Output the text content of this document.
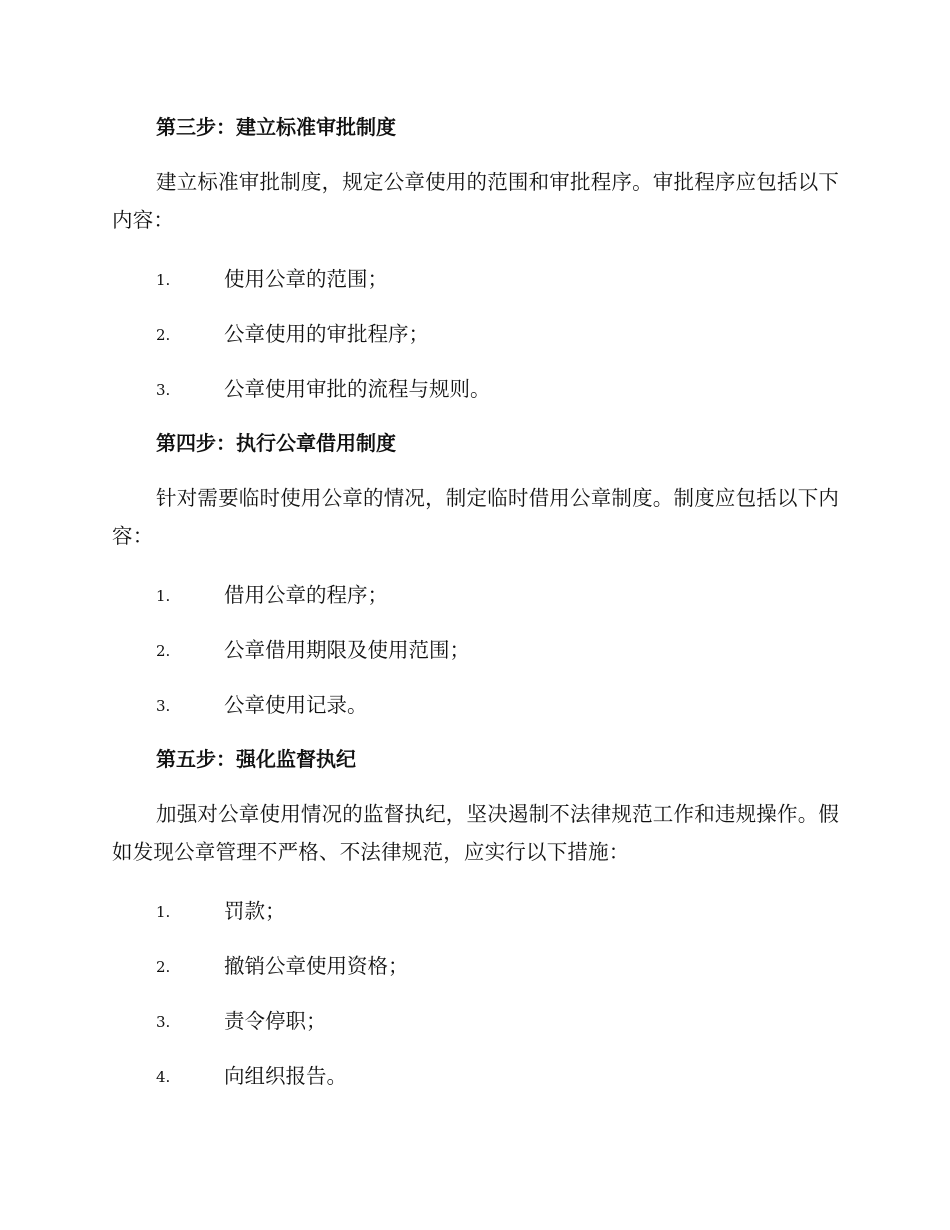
第三步：建立标准审批制度
建立标准审批制度，规定公章使用的范围和审批程序。审批程序应包括以下内容：
1.	使用公章的范围；
2.	公章使用的审批程序；
3.	公章使用审批的流程与规则。
第四步：执行公章借用制度
针对需要临时使用公章的情况，制定临时借用公章制度。制度应包括以下内容：
1.	借用公章的程序；
2.	公章借用期限及使用范围；
3.	公章使用记录。
第五步：强化监督执纪
加强对公章使用情况的监督执纪，坚决遏制不法律规范工作和违规操作。假如发现公章管理不严格、不法律规范，应实行以下措施：
1.	罚款；
2.	撤销公章使用资格；
3.	责令停职；
4.	向组织报告。
